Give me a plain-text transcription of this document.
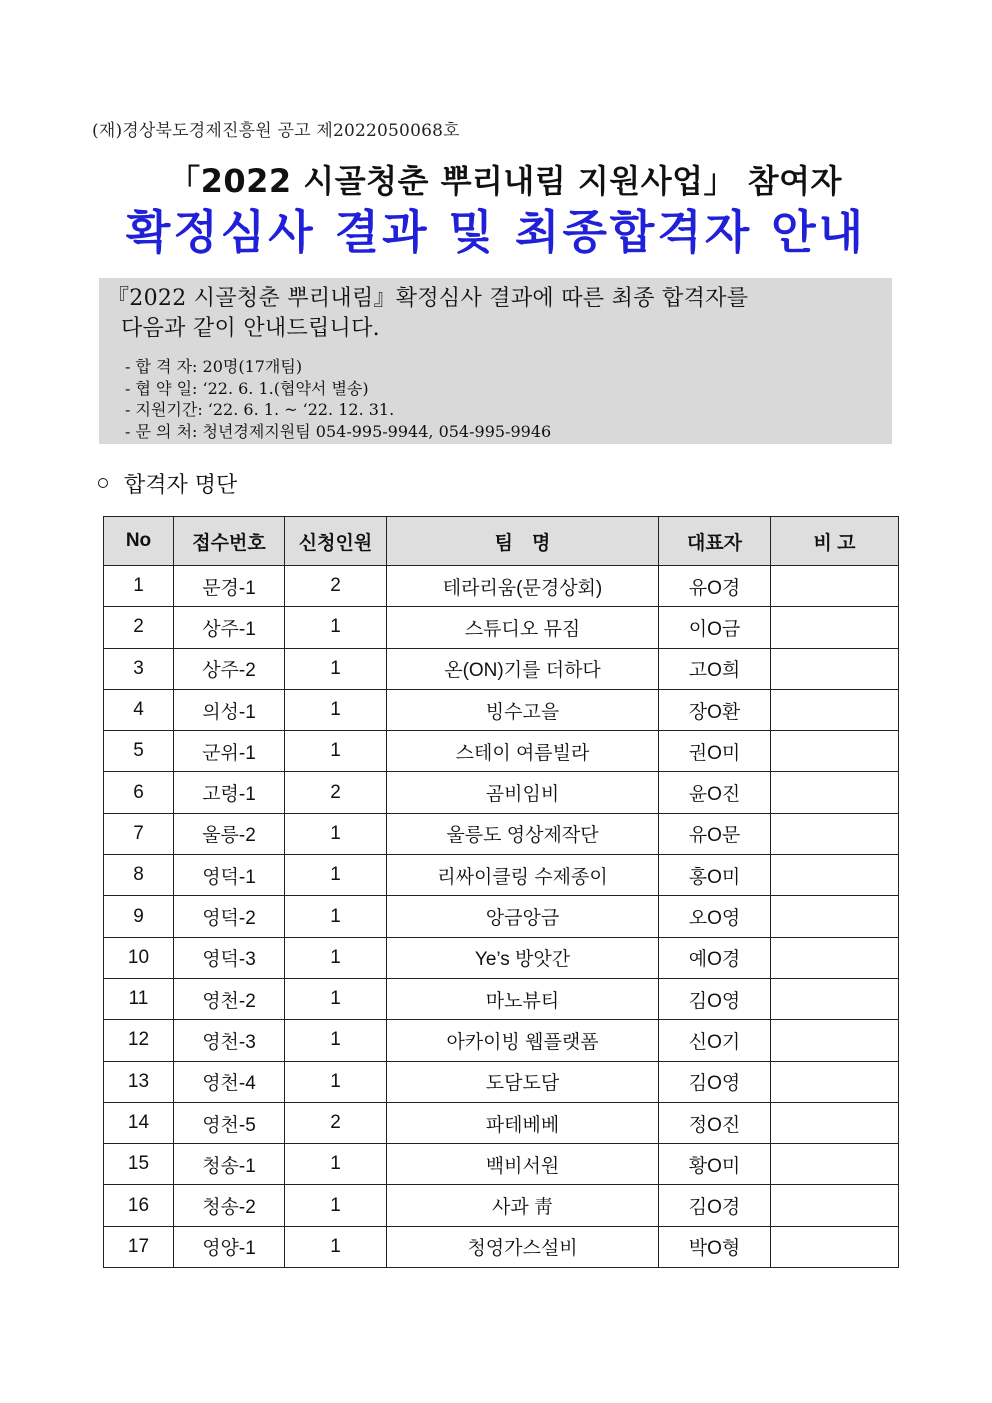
(재)경상북도경제진흥원 공고 제2022050068호
「2022 시골청춘 뿌리내림 지원사업」 참여자
확정심사 결과 및 최종합격자 안내
『2022 시골청춘 뿌리내림』확정심사 결과에 따른 최종 합격자를
다음과 같이 안내드립니다.
- 합 격 자: 20명(17개팀)
- 협 약 일: ‘22. 6. 1.(협약서 별송)
- 지원기간: ‘22. 6. 1. ~ ‘22. 12. 31.
- 문 의 처: 청년경제지원팀 054-995-9944, 054-995-9946
합격자 명단
No	접수번호	신청인원	팀　명	대표자	비 고
1	문경-1	2	테라리움(문경상회)	유O경	
2	상주-1	1	스튜디오 뮤짐	이O금	
3	상주-2	1	온(ON)기를 더하다	고O희	
4	의성-1	1	빙수고을	장O환	
5	군위-1	1	스테이 여름빌라	권O미	
6	고령-1	2	곰비임비	윤O진	
7	울릉-2	1	울릉도 영상제작단	유O문	
8	영덕-1	1	리싸이클링 수제종이	홍O미	
9	영덕-2	1	앙금앙금	오O영	
10	영덕-3	1	Ye’s 방앗간	예O경	
11	영천-2	1	마노뷰티	김O영	
12	영천-3	1	아카이빙 웹플랫폼	신O기	
13	영천-4	1	도담도담	김O영	
14	영천-5	2	파테베베	정O진	
15	청송-1	1	백비서원	황O미	
16	청송-2	1	사과 靑	김O경	
17	영양-1	1	청영가스설비	박O형	
